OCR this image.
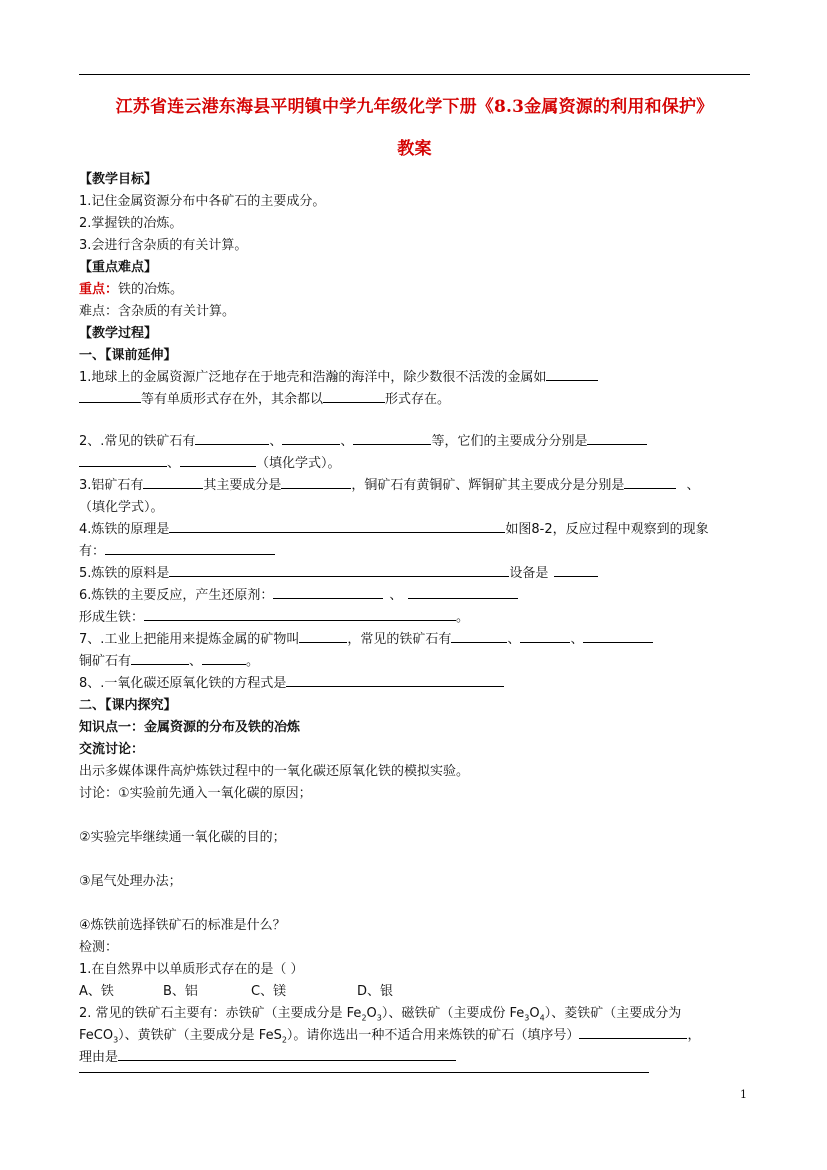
江苏省连云港东海县平明镇中学九年级化学下册《8.3金属资源的利用和保护》
教案
【教学目标】
1.记住金属资源分布中各矿石的主要成分。
2.掌握铁的冶炼。
3.会进行含杂质的有关计算。
【重点难点】
重点：铁的冶炼。
难点：含杂质的有关计算。
【教学过程】
一、【课前延伸】
1.地球上的金属资源广泛地存在于地壳和浩瀚的海洋中，除少数很不活泼的金属如
等有单质形式存在外，其余都以	形式存在。
2、.常见的铁矿石有	、	、	等，它们的主要成分分别是
、	（填化学式）。
3.铝矿石有	其主要成分是	，铜矿石有黄铜矿、辉铜矿其主要成分是分别是	、
（填化学式）。
4.炼铁的原理是	如图8-2，反应过程中观察到的现象
有：
5.炼铁的原料是	设备是
6.炼铁的主要反应，产生还原剂：	、
形成生铁：	。
7、.工业上把能用来提炼金属的矿物叫	，常见的铁矿石有	、	、
铜矿石有	、	。
8、.一氧化碳还原氧化铁的方程式是
二、【课内探究】
知识点一：金属资源的分布及铁的冶炼
交流讨论：
出示多媒体课件高炉炼铁过程中的一氧化碳还原氧化铁的模拟实验。
讨论：①实验前先通入一氧化碳的原因；
②实验完毕继续通一氧化碳的目的；
③尾气处理办法；
④炼铁前选择铁矿石的标准是什么？
检测：
1.在自然界中以单质形式存在的是（ ）
A、铁	B、铝	C、镁	D、银
2. 常见的铁矿石主要有：赤铁矿（主要成分是 $Fe_2O_3$）、磁铁矿（主要成份 $Fe_3O_4$）、菱铁矿（主要成分为
FeCO$_3$）、黄铁矿（主要成分是 FeS$_2$）。请你选出一种不适合用来炼铁的矿石（填序号）	，
理由是
1
